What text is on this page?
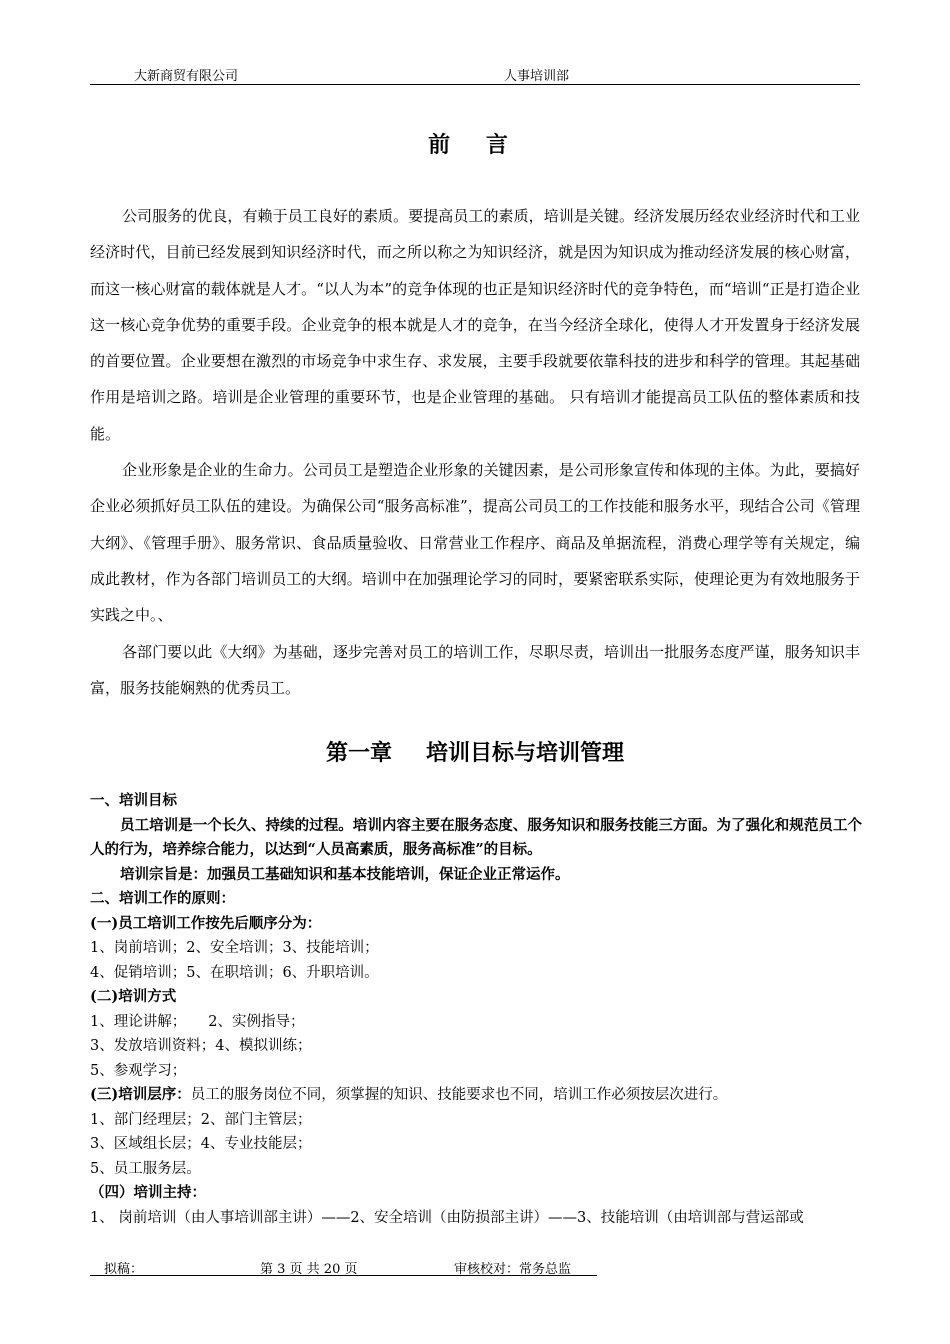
大新商贸有限公司	人事培训部
前 言
公司服务的优良，有赖于员工良好的素质。要提高员工的素质，培训是关键。经济发展历经农业经济时代和工业经济时代，目前已经发展到知识经济时代，而之所以称之为知识经济，就是因为知识成为推动经济发展的核心财富，而这一核心财富的载体就是人才。“以人为本”的竞争体现的也正是知识经济时代的竞争特色，而“培训“正是打造企业这一核心竞争优势的重要手段。企业竞争的根本就是人才的竞争，在当今经济全球化，使得人才开发置身于经济发展的首要位置。企业要想在激烈的市场竞争中求生存、求发展，主要手段就要依靠科技的进步和科学的管理。其起基础作用是培训之路。培训是企业管理的重要环节，也是企业管理的基础。 只有培训才能提高员工队伍的整体素质和技能。
企业形象是企业的生命力。公司员工是塑造企业形象的关键因素，是公司形象宣传和体现的主体。为此，要搞好企业必须抓好员工队伍的建设。为确保公司“服务高标准”，提高公司员工的工作技能和服务水平，现结合公司《管理大纲》、《管理手册》、服务常识、食品质量验收、日常营业工作程序、商品及单据流程，消费心理学等有关规定，编成此教材，作为各部门培训员工的大纲。培训中在加强理论学习的同时，要紧密联系实际，使理论更为有效地服务于实践之中。、
各部门要以此《大纲》为基础，逐步完善对员工的培训工作，尽职尽责，培训出一批服务态度严谨，服务知识丰富，服务技能娴熟的优秀员工。
第一章 培训目标与培训管理
一、培训目标
员工培训是一个长久、持续的过程。培训内容主要在服务态度、服务知识和服务技能三方面。为了强化和规范员工个人的行为，培养综合能力，以达到“人员高素质，服务高标准”的目标。
培训宗旨是：加强员工基础知识和基本技能培训，保证企业正常运作。
二、培训工作的原则：
(一)员工培训工作按先后顺序分为：
1、岗前培训；2、安全培训；3、技能培训；
4、促销培训；5、在职培训；6、升职培训。
(二)培训方式
1、理论讲解； 2、实例指导；
3、发放培训资料；4、模拟训练；
5、参观学习；
(三)培训层序：员工的服务岗位不同，须掌握的知识、技能要求也不同，培训工作必须按层次进行。
1、部门经理层；2、部门主管层；
3、区域组长层；4、专业技能层；
5、员工服务层。
（四）培训主持：
1、 岗前培训（由人事培训部主讲）——2、安全培训（由防损部主讲）——3、技能培训（由培训部与营运部或
拟稿：	第 3 页 共 20 页	审核校对：常务总监
